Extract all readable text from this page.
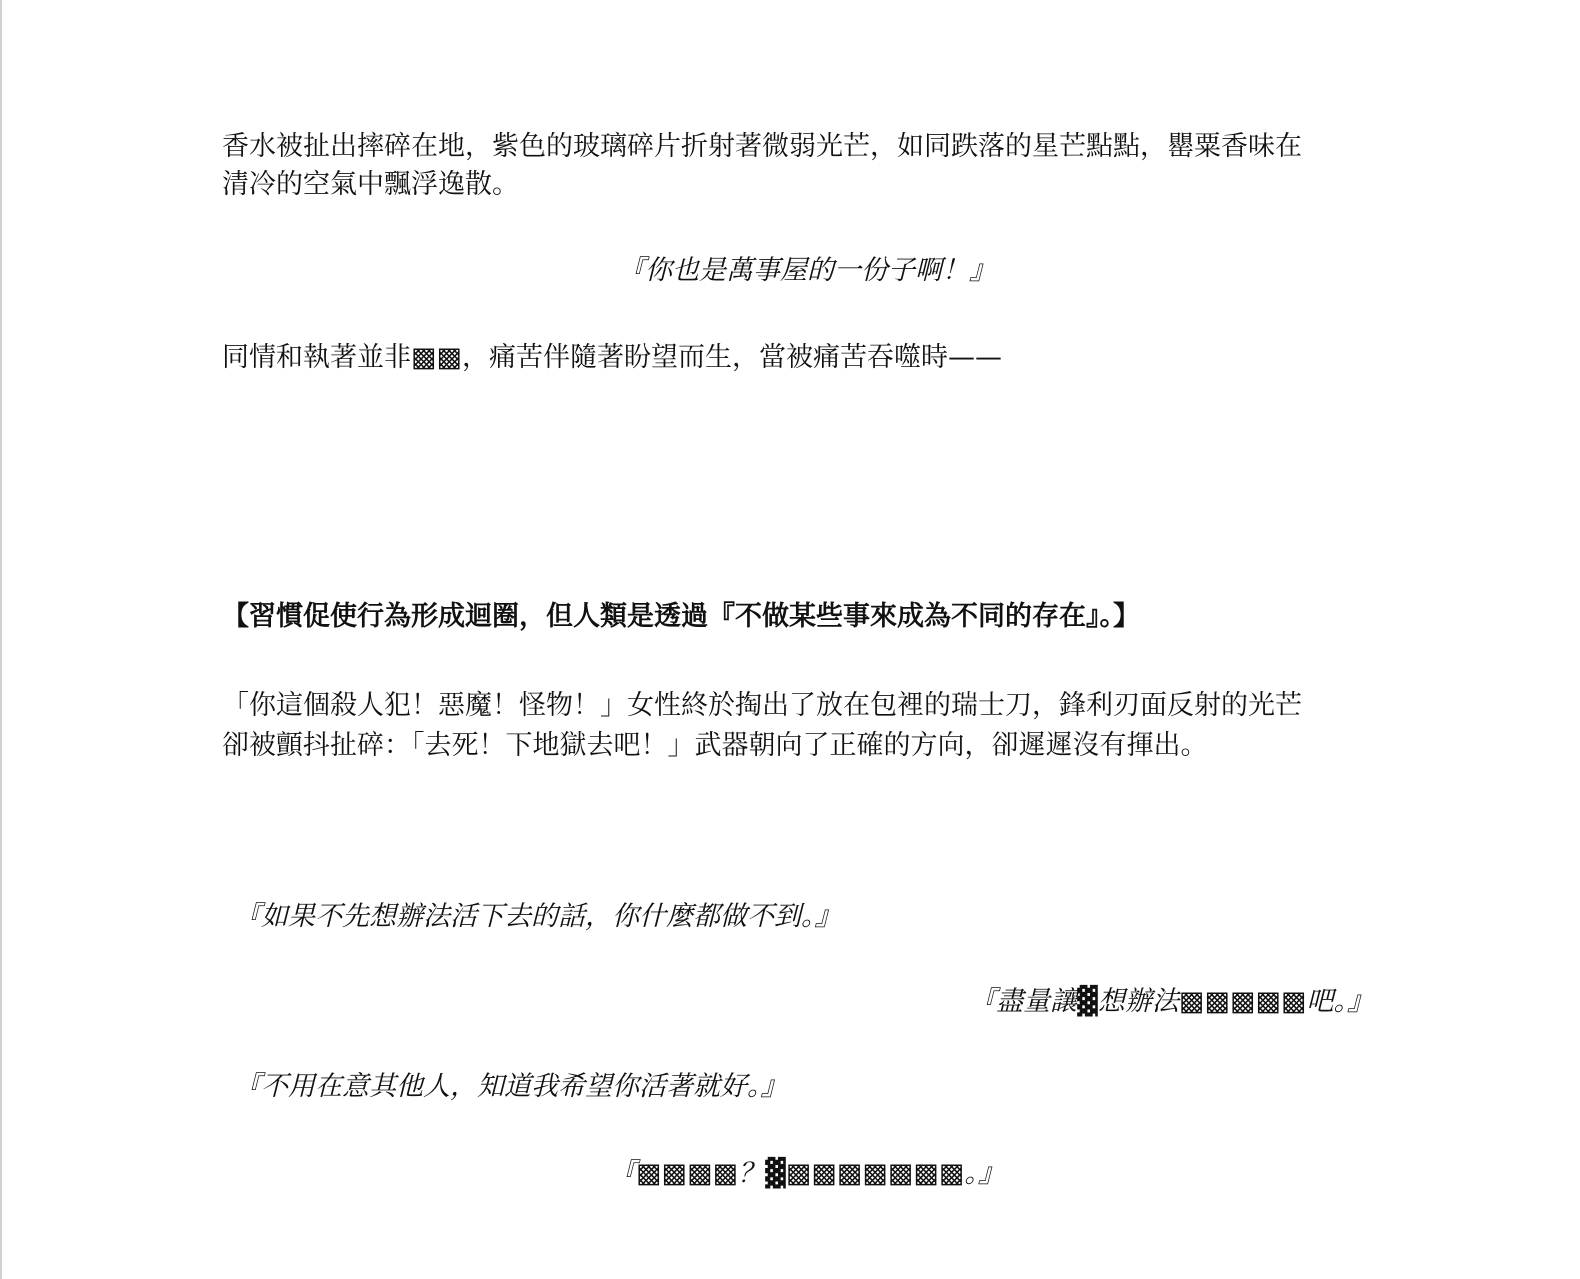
香水被扯出摔碎在地，紫色的玻璃碎片折射著微弱光芒，如同跌落的星芒點點，罌粟香味在
清冷的空氣中飄浮逸散。
『你也是萬事屋的一份子啊！』
同情和執著並非▩▩，痛苦伴隨著盼望而生，當被痛苦吞噬時——
【習慣促使行為形成迴圈，但人類是透過『不做某些事來成為不同的存在』。】
「你這個殺人犯！惡魔！怪物！」女性終於掏出了放在包裡的瑞士刀，鋒利刃面反射的光芒
卻被顫抖扯碎：「去死！下地獄去吧！」武器朝向了正確的方向，卻遲遲沒有揮出。
『如果不先想辦法活下去的話，你什麼都做不到。』
『盡量讓▓想辦法▩▩▩▩▩吧。』
『不用在意其他人，知道我希望你活著就好。』
『▩▩▩▩？▓▩▩▩▩▩▩▩。』
